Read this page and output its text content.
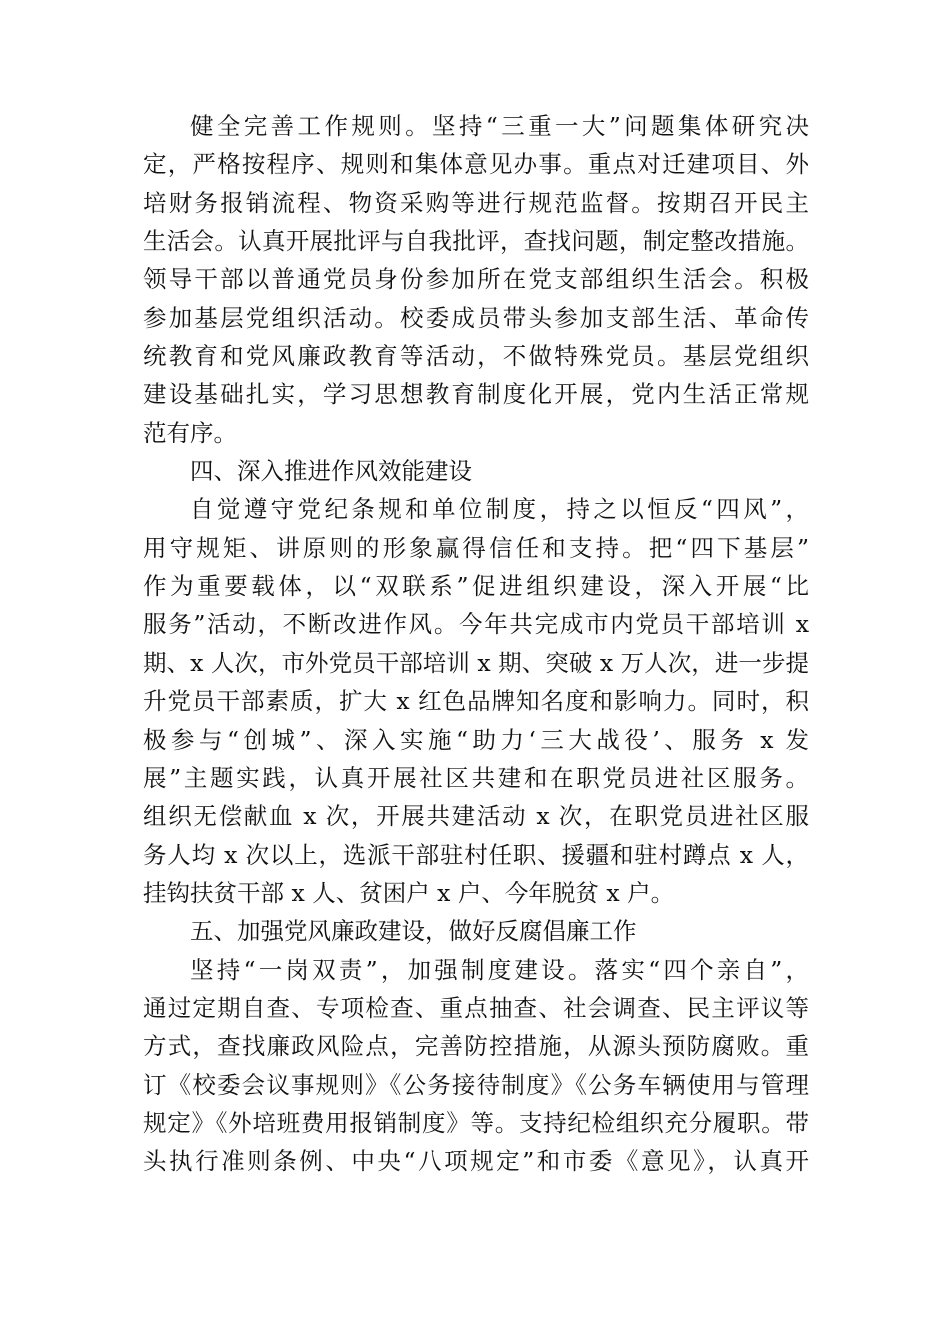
健全完善工作规则。坚持“三重一大”问题集体研究决
定，严格按程序、规则和集体意见办事。重点对迁建项目、外
培财务报销流程、物资采购等进行规范监督。按期召开民主
生活会。认真开展批评与自我批评，查找问题，制定整改措施。
领导干部以普通党员身份参加所在党支部组织生活会。积极
参加基层党组织活动。校委成员带头参加支部生活、革命传
统教育和党风廉政教育等活动，不做特殊党员。基层党组织
建设基础扎实，学习思想教育制度化开展，党内生活正常规
范有序。
四、深入推进作风效能建设
自觉遵守党纪条规和单位制度，持之以恒反“四风”，
用守规矩、讲原则的形象赢得信任和支持。把“四下基层”
作为重要载体，以“双联系”促进组织建设，深入开展“比
服务”活动，不断改进作风。今年共完成市内党员干部培训 x
期、x 人次，市外党员干部培训 x 期、突破 x 万人次，进一步提
升党员干部素质，扩大 x 红色品牌知名度和影响力。同时，积
极参与“创城”、深入实施“助力‘三大战役’、服务 x 发
展”主题实践，认真开展社区共建和在职党员进社区服务。
组织无偿献血 x 次，开展共建活动 x 次，在职党员进社区服
务人均 x 次以上，选派干部驻村任职、援疆和驻村蹲点 x 人，
挂钩扶贫干部 x 人、贫困户 x 户、今年脱贫 x 户。
五、加强党风廉政建设，做好反腐倡廉工作
坚持“一岗双责”，加强制度建设。落实“四个亲自”，
通过定期自查、专项检查、重点抽查、社会调查、民主评议等
方式，查找廉政风险点，完善防控措施，从源头预防腐败。重
订《校委会议事规则》《公务接待制度》《公务车辆使用与管理
规定》《外培班费用报销制度》等。支持纪检组织充分履职。带
头执行准则条例、中央“八项规定”和市委《意见》，认真开
